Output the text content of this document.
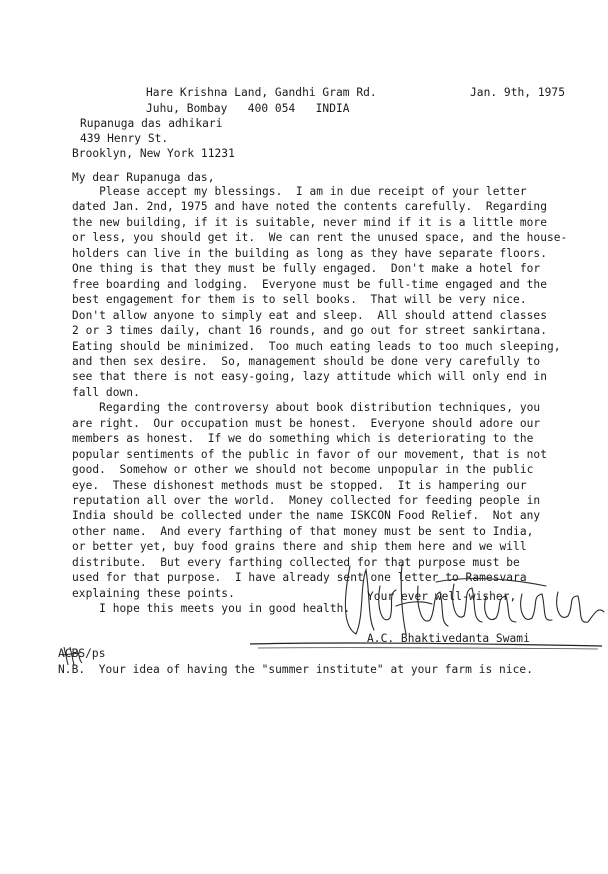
Hare Krishna Land, Gandhi Gram Rd.
Juhu, Bombay   400 054   INDIA
Jan. 9th, 1975
Rupanuga das adhikari
439 Henry St.
Brooklyn, New York 11231
My dear Rupanuga das,
Please accept my blessings.  I am in due receipt of your letter
dated Jan. 2nd, 1975 and have noted the contents carefully.  Regarding
the new building, if it is suitable, never mind if it is a little more
or less, you should get it.  We can rent the unused space, and the house-
holders can live in the building as long as they have separate floors.
One thing is that they must be fully engaged.  Don't make a hotel for
free boarding and lodging.  Everyone must be full-time engaged and the
best engagement for them is to sell books.  That will be very nice.
Don't allow anyone to simply eat and sleep.  All should attend classes
2 or 3 times daily, chant 16 rounds, and go out for street sankirtana.
Eating should be minimized.  Too much eating leads to too much sleeping,
and then sex desire.  So, management should be done very carefully to
see that there is not easy-going, lazy attitude which will only end in
fall down.
Regarding the controversy about book distribution techniques, you
are right.  Our occupation must be honest.  Everyone should adore our
members as honest.  If we do something which is deteriorating to the
popular sentiments of the public in favor of our movement, that is not
good.  Somehow or other we should not become unpopular in the public
eye.  These dishonest methods must be stopped.  It is hampering our
reputation all over the world.  Money collected for feeding people in
India should be collected under the name ISKCON Food Relief.  Not any
other name.  And every farthing of that money must be sent to India,
or better yet, buy food grains there and ship them here and we will
distribute.  But every farthing collected for that purpose must be
used for that purpose.  I have already sent one letter to Ramesvara
explaining these points.
I hope this meets you in good health.
Your ever well-wisher,
A.C. Bhaktivedanta Swami
ACBS/ps
N.B.  Your idea of having the "summer institute" at your farm is nice.
